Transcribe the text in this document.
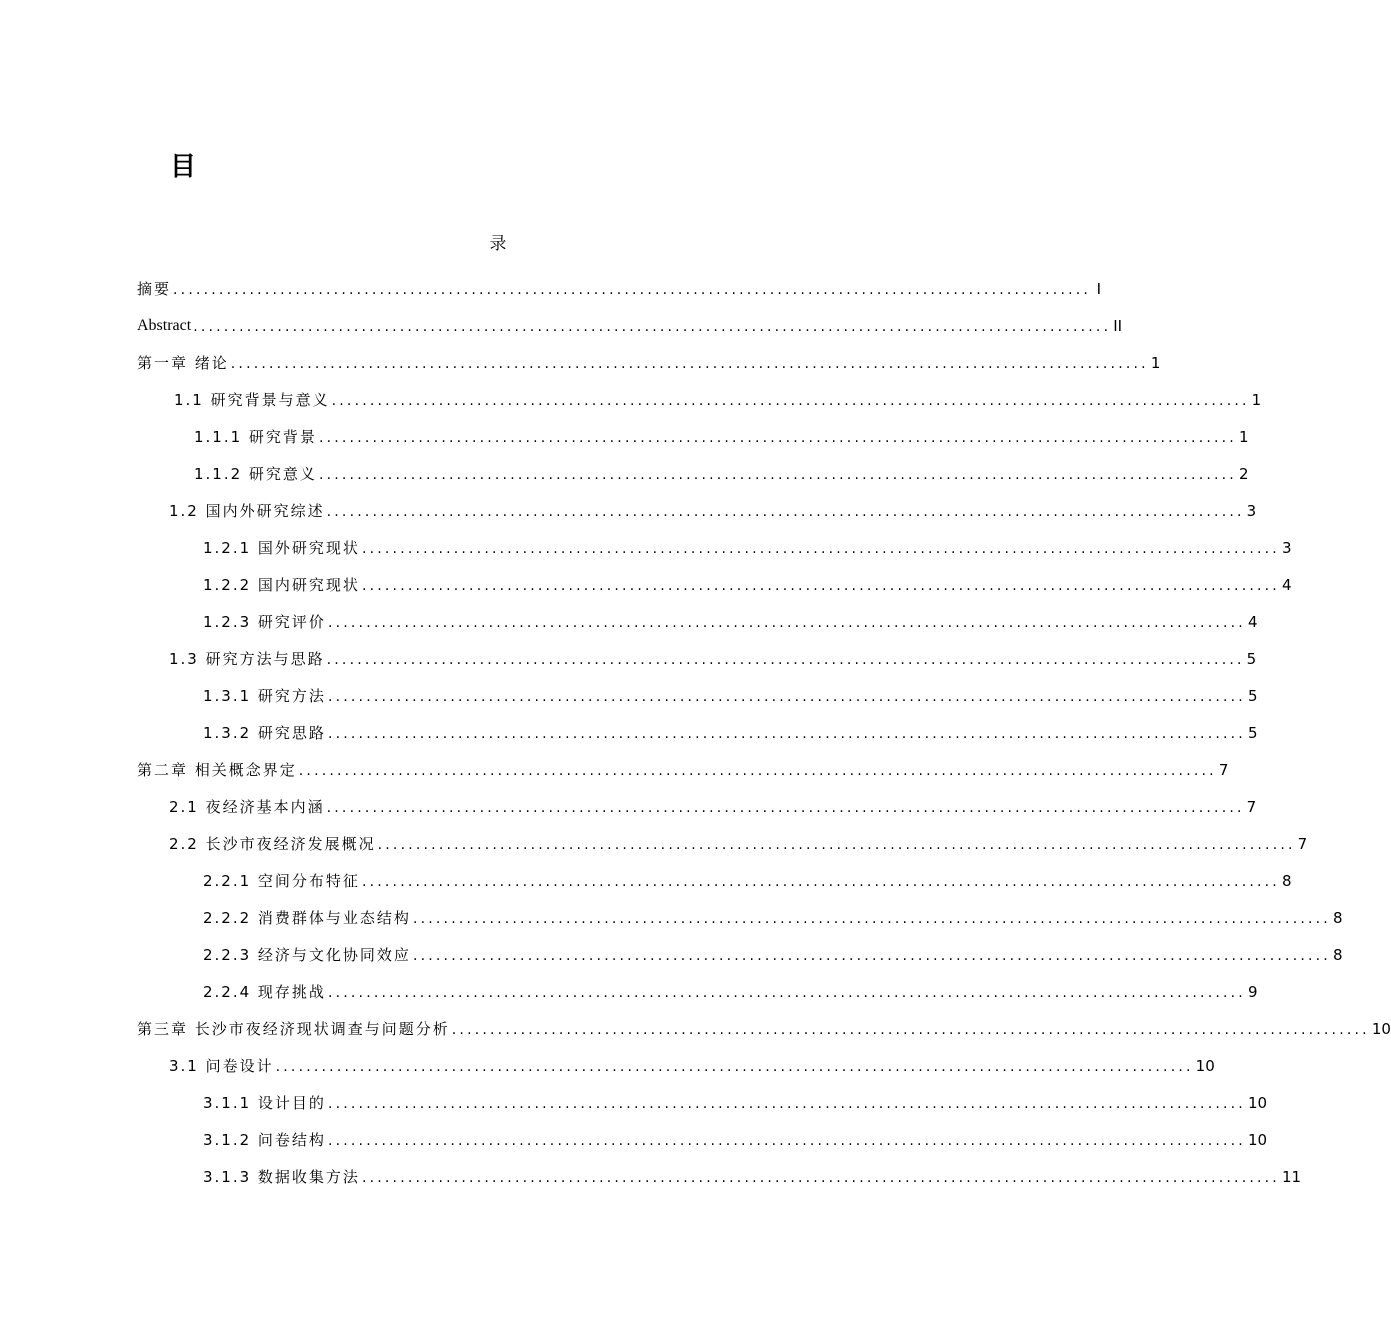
目
录
摘要 ........................................................................................................................ I
Abstract ........................................................................................................................ II
第一章 绪论 ........................................................................................................................ 1
1.1 研究背景与意义 ........................................................................................................................ 1
1.1.1 研究背景 ........................................................................................................................ 1
1.1.2 研究意义 ........................................................................................................................ 2
1.2 国内外研究综述 ........................................................................................................................ 3
1.2.1 国外研究现状 ........................................................................................................................ 3
1.2.2 国内研究现状 ........................................................................................................................ 4
1.2.3 研究评价 ........................................................................................................................ 4
1.3 研究方法与思路 ........................................................................................................................ 5
1.3.1 研究方法 ........................................................................................................................ 5
1.3.2 研究思路 ........................................................................................................................ 5
第二章 相关概念界定 ........................................................................................................................ 7
2.1 夜经济基本内涵 ........................................................................................................................ 7
2.2 长沙市夜经济发展概况 ........................................................................................................................ 7
2.2.1 空间分布特征 ........................................................................................................................ 8
2.2.2 消费群体与业态结构 ........................................................................................................................ 8
2.2.3 经济与文化协同效应 ........................................................................................................................ 8
2.2.4 现存挑战 ........................................................................................................................ 9
第三章 长沙市夜经济现状调查与问题分析 ........................................................................................................................ 10
3.1 问卷设计 ........................................................................................................................ 10
3.1.1 设计目的 ........................................................................................................................ 10
3.1.2 问卷结构 ........................................................................................................................ 10
3.1.3 数据收集方法 ........................................................................................................................ 11
